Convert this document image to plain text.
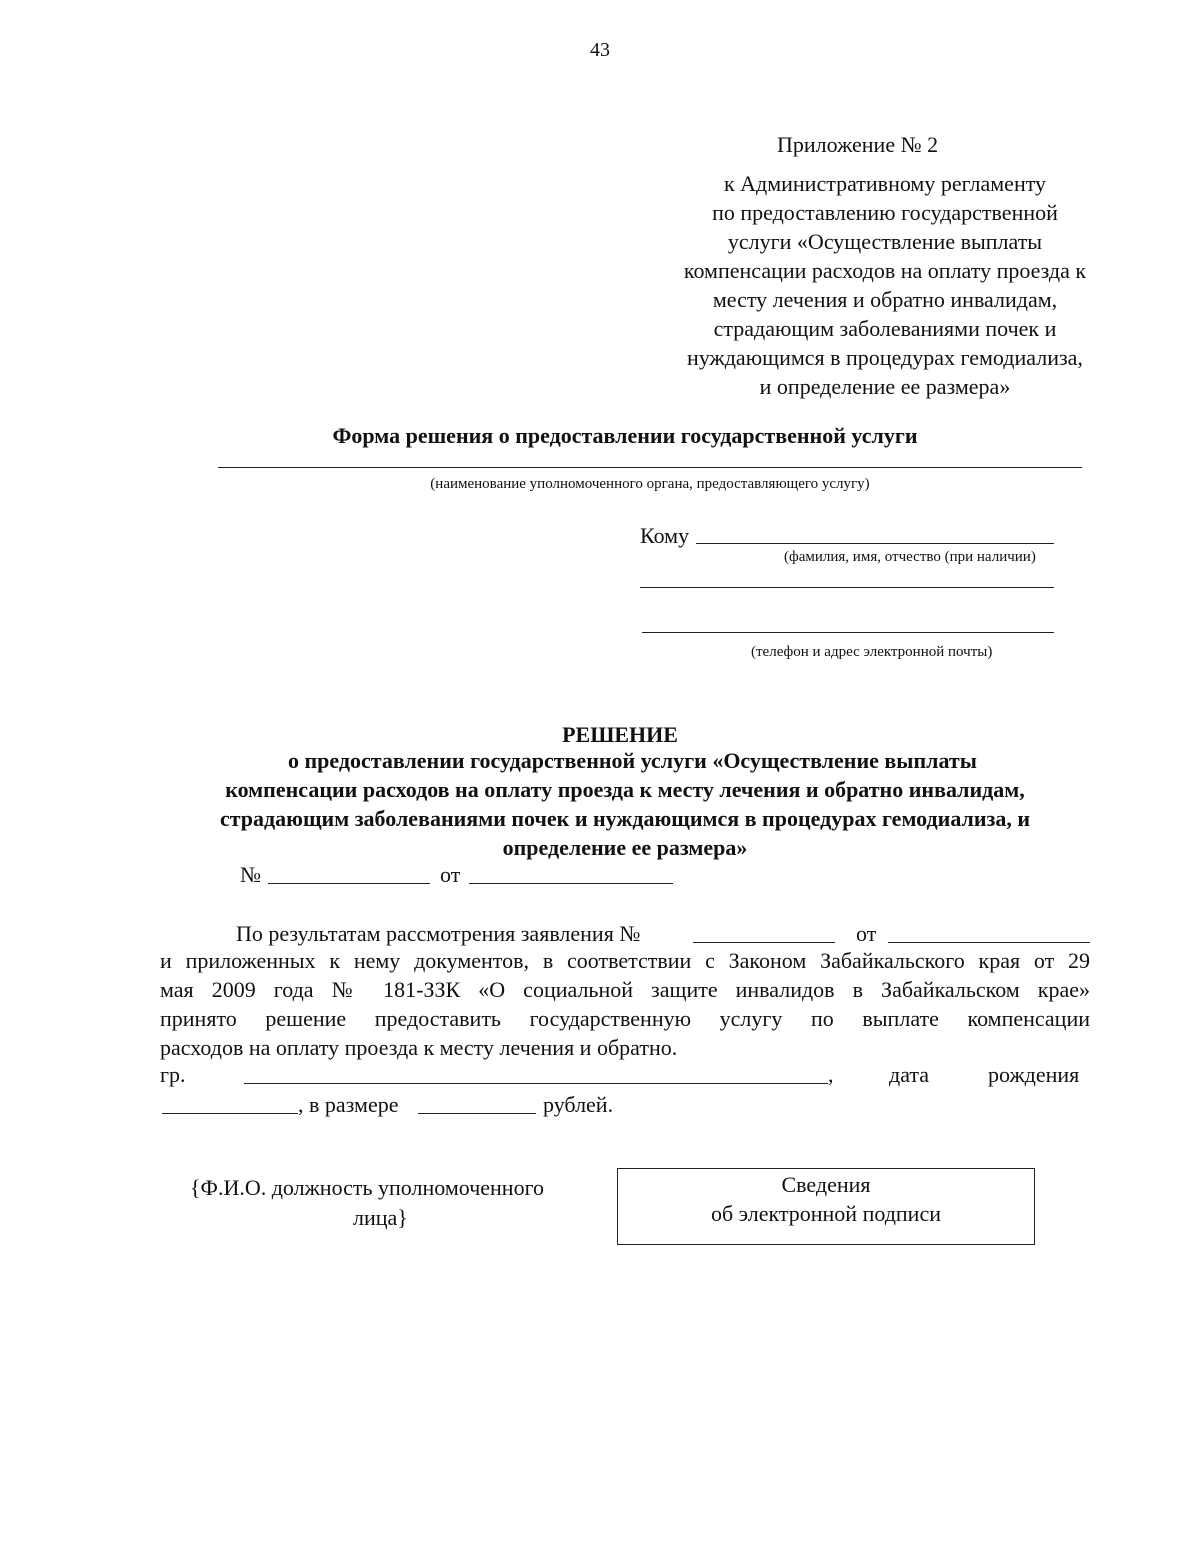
43
Приложение № 2
к Административному регламенту
по предоставлению государственной
услуги «Осуществление выплаты
компенсации расходов на оплату проезда к
месту лечения и обратно инвалидам,
страдающим заболеваниями почек и
нуждающимся в процедурах гемодиализа,
и определение ее размера»
Форма решения о предоставлении государственной услуги
(наименование уполномоченного органа, предоставляющего услугу)
Кому
(фамилия, имя, отчество (при наличии)
(телефон и адрес электронной почты)
РЕШЕНИЕ
о предоставлении государственной услуги «Осуществление выплаты
компенсации расходов на оплату проезда к месту лечения и обратно инвалидам,
страдающим заболеваниями почек и нуждающимся в процедурах гемодиализа, и
определение ее размера»
№	от
По результатам рассмотрения заявления №	от
и приложенных к нему документов, в соответствии с Законом Забайкальского края от 29
мая 2009 года № 181-ЗЗК «О социальной защите инвалидов в Забайкальском крае»
принято решение предоставить государственную услугу по выплате компенсации
расходов на оплату проезда к месту лечения и обратно.
гр.	,	дата	рождения
, в размере	рублей.
{Ф.И.О. должность уполномоченного
лица}
Сведения
об электронной подписи
